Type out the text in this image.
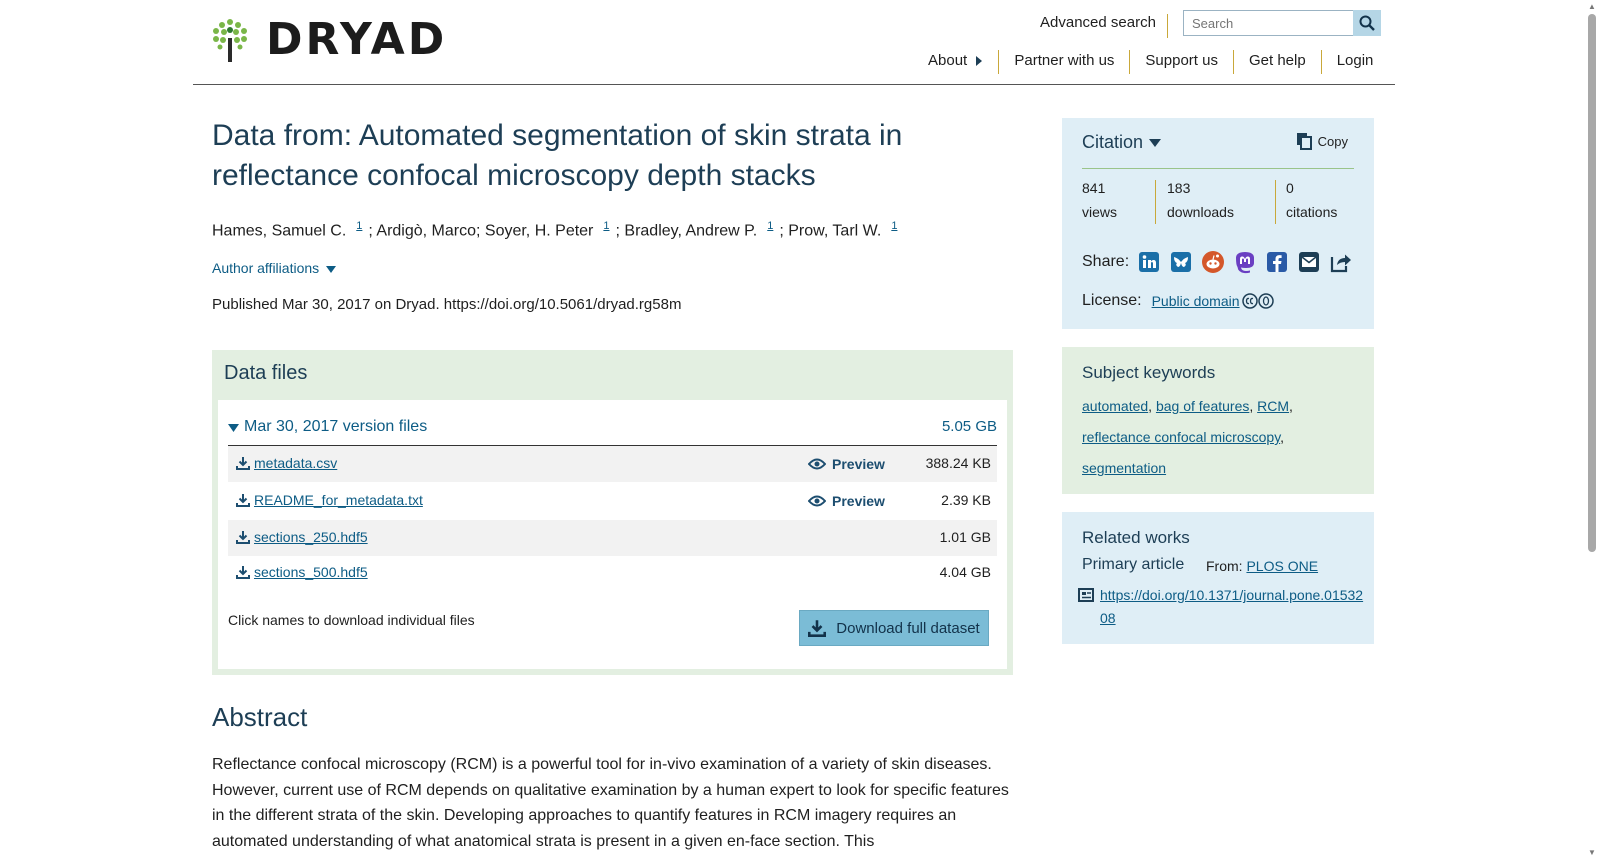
DRYAD	Advanced search
Search
About	Partner with us	Support us	Get help	Login
Data from: Automated segmentation of skin strata in reflectance confocal microscopy depth stacks
Hames, Samuel C. $^1$ ; Ardigò, Marco; Soyer, H. Peter $^1$ ; Bradley, Andrew P. $^1$ ; Prow, Tarl W. $^1$
Author affiliations
Published Mar 30, 2017 on Dryad. https://doi.org/10.5061/dryad.rg58m
Data files
Mar 30, 2017 version files	5.05 GB
metadata.csv	Preview	388.24 KB
README_for_metadata.txt	Preview	2.39 KB
sections_250.hdf5	1.01 GB
sections_500.hdf5	4.04 GB
Click names to download individual files	Download full dataset
Abstract

Reflectance confocal microscopy (RCM) is a powerful tool for in-vivo examination of a variety of skin diseases. However, current use of RCM depends on qualitative examination by a human expert to look for specific features in the different strata of the skin. Developing approaches to quantify features in RCM imagery requires an automated understanding of what anatomical strata is present in a given en-face section. This

Citation	Copy
841
views
183
downloads
0
citations
Share:
License: Public domain
Subject keywords
automated, bag of features, RCM,
reflectance confocal microscopy,
segmentation
Related works
Primary article From: PLOS ONE
https://doi.org/10.1371/journal.pone.0153208
▲
▼
